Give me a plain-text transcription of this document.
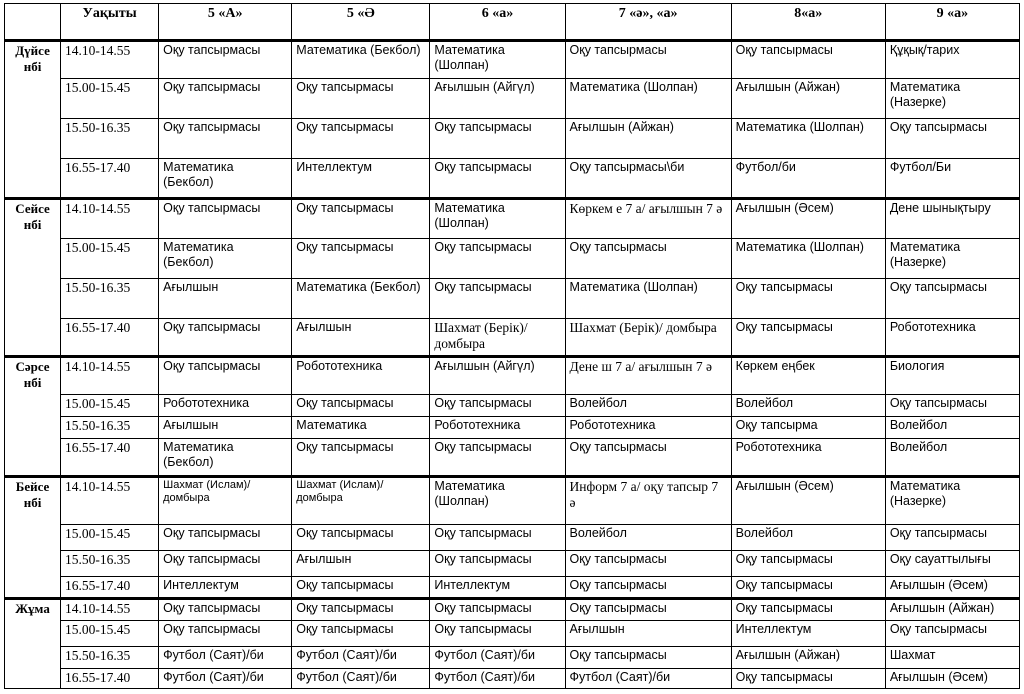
	Уақыты	5 «А»	5 «Ә	6 «а»	7 «ә», «а»	8«а»	9 «а»
Дүйсе нбі	14.10-14.55	Оқу тапсырмасы	Математика (Бекбол)	Математика (Шолпан)	Оқу тапсырмасы	Оқу тапсырмасы	Құқық/тарих
	15.00-15.45	Оқу тапсырмасы	Оқу тапсырмасы	Ағылшын (Айгүл)	Математика (Шолпан)	Ағылшын (Айжан)	Математика (Назерке)
	15.50-16.35	Оқу тапсырмасы	Оқу тапсырмасы	Оқу тапсырмасы	Ағылшын (Айжан)	Математика (Шолпан)	Оқу тапсырмасы
	16.55-17.40	Математика (Бекбол)	Интеллектум	Оқу тапсырмасы	Оқу тапсырмасы\би	Футбол/би	Футбол/Би
Сейсе нбі	14.10-14.55	Оқу тапсырмасы	Оқу тапсырмасы	Математика (Шолпан)	Көркем е 7 а/ ағылшын 7 ә	Ағылшын (Әсем)	Дене шынықтыру
	15.00-15.45	Математика (Бекбол)	Оқу тапсырмасы	Оқу тапсырмасы	Оқу тапсырмасы	Математика (Шолпан)	Математика (Назерке)
	15.50-16.35	Ағылшын	Математика (Бекбол)	Оқу тапсырмасы	Математика (Шолпан)	Оқу тапсырмасы	Оқу тапсырмасы
	16.55-17.40	Оқу тапсырмасы	Ағылшын	Шахмат (Берік)/ домбыра	Шахмат (Берік)/ домбыра	Оқу тапсырмасы	Робототехника
Сәрсе нбі	14.10-14.55	Оқу тапсырмасы	Робототехника	Ағылшын (Айгүл)	Дене ш 7 а/ ағылшын 7 ә	Көркем еңбек	Биология
	15.00-15.45	Робототехника	Оқу тапсырмасы	Оқу тапсырмасы	Волейбол	Волейбол	Оқу тапсырмасы
	15.50-16.35	Ағылшын	Математика	Робототехника	Робототехника	Оқу тапсырма	Волейбол
	16.55-17.40	Математика (Бекбол)	Оқу тапсырмасы	Оқу тапсырмасы	Оқу тапсырмасы	Робототехника	Волейбол
Бейсе нбі	14.10-14.55	Шахмат (Ислам)/ домбыра	Шахмат (Ислам)/ домбыра	Математика (Шолпан)	Информ 7 а/ оқу тапсыр 7 ә	Ағылшын (Әсем)	Математика (Назерке)
	15.00-15.45	Оқу тапсырмасы	Оқу тапсырмасы	Оқу тапсырмасы	Волейбол	Волейбол	Оқу тапсырмасы
	15.50-16.35	Оқу тапсырмасы	Ағылшын	Оқу тапсырмасы	Оқу тапсырмасы	Оқу тапсырмасы	Оқу сауаттылығы
	16.55-17.40	Интеллектум	Оқу тапсырмасы	Интеллектум	Оқу тапсырмасы	Оқу тапсырмасы	Ағылшын (Әсем)
Жұма	14.10-14.55	Оқу тапсырмасы	Оқу тапсырмасы	Оқу тапсырмасы	Оқу тапсырмасы	Оқу тапсырмасы	Ағылшын (Айжан)
	15.00-15.45	Оқу тапсырмасы	Оқу тапсырмасы	Оқу тапсырмасы	Ағылшын	Интеллектум	Оқу тапсырмасы
	15.50-16.35	Футбол (Саят)/би	Футбол (Саят)/би	Футбол (Саят)/би	Оқу тапсырмасы	Ағылшын (Айжан)	Шахмат
	16.55-17.40	Футбол (Саят)/би	Футбол (Саят)/би	Футбол (Саят)/би	Футбол (Саят)/би	Оқу тапсырмасы	Ағылшын (Әсем)
